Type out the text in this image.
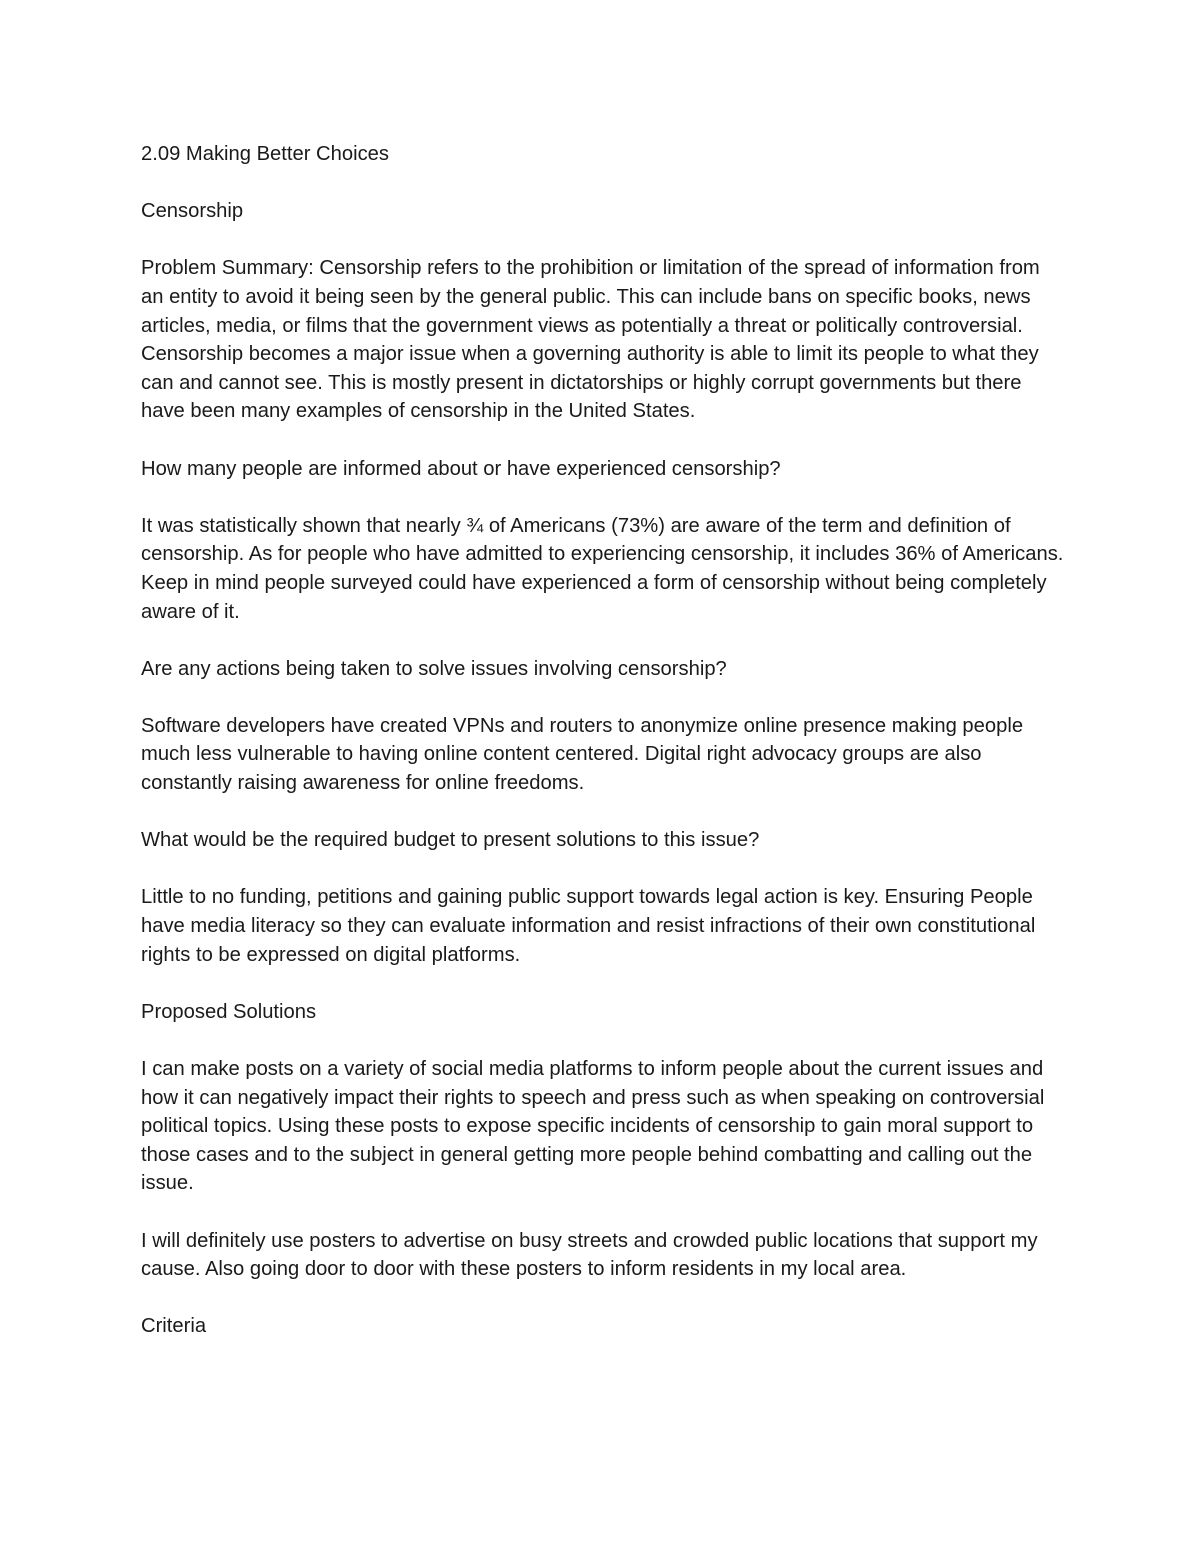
2.09 Making Better Choices

Censorship

Problem Summary: Censorship refers to the prohibition or limitation of the spread of information from an entity to avoid it being seen by the general public. This can include bans on specific books, news articles, media, or films that the government views as potentially a threat or politically controversial. Censorship becomes a major issue when a governing authority is able to limit its people to what they can and cannot see. This is mostly present in dictatorships or highly corrupt governments but there have been many examples of censorship in the United States.

How many people are informed about or have experienced censorship?

It was statistically shown that nearly ¾ of Americans (73%) are aware of the term and definition of censorship. As for people who have admitted to experiencing censorship, it includes 36% of Americans. Keep in mind people surveyed could have experienced a form of censorship without being completely aware of it.

Are any actions being taken to solve issues involving censorship?

Software developers have created VPNs and routers to anonymize online presence making people much less vulnerable to having online content centered. Digital right advocacy groups are also constantly raising awareness for online freedoms.

What would be the required budget to present solutions to this issue?

Little to no funding, petitions and gaining public support towards legal action is key. Ensuring People have media literacy so they can evaluate information and resist infractions of their own constitutional rights to be expressed on digital platforms.

Proposed Solutions

I can make posts on a variety of social media platforms to inform people about the current issues and how it can negatively impact their rights to speech and press such as when speaking on controversial political topics. Using these posts to expose specific incidents of censorship to gain moral support to those cases and to the subject in general getting more people behind combatting and calling out the issue.

I will definitely use posters to advertise on busy streets and crowded public locations that support my cause. Also going door to door with these posters to inform residents in my local area.

Criteria
